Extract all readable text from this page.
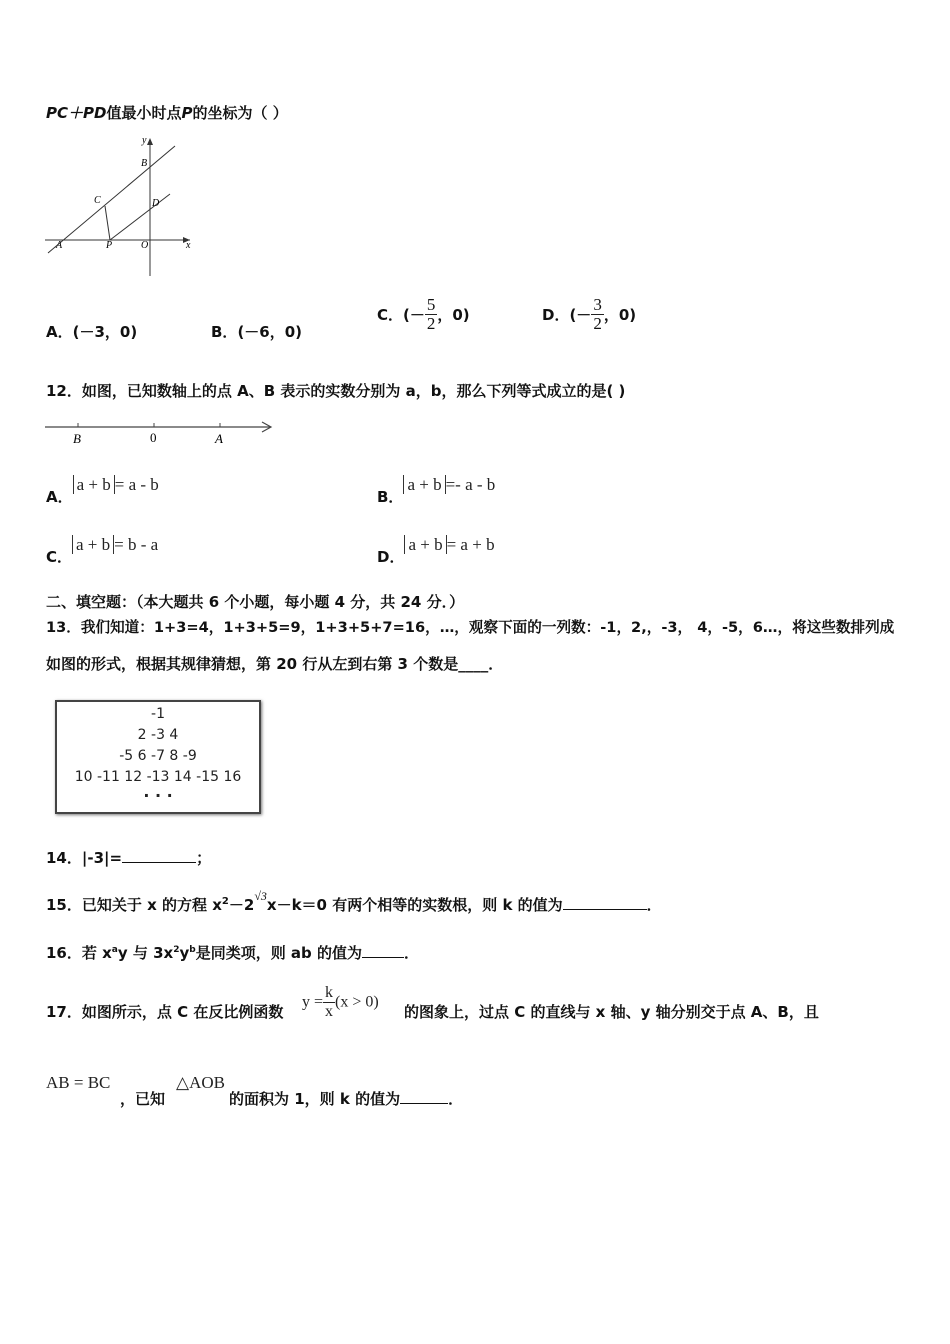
PC＋PD值最小时点P的坐标为（ ）
y
x
B
C	D
A	P	O
A．(－3，0)	B．(－6，0)
C．(－ $\frac{5}{2}$ ，0)	D．(－ $\frac{3}{2}$ ，0)
12．如图，已知数轴上的点 A、B 表示的实数分别为 a，b，那么下列等式成立的是( )
B	0	A
A．a + b = a - b
B．a + b =- a - b
C．a + b = b - a
D．a + b = a + b
二、填空题：（本大题共 6 个小题，每小题 4 分，共 24 分．）
13．我们知道：1+3=4，1+3+5=9，1+3+5+7=16，…，观察下面的一列数：-1，2,，-3， 4，-5，6…，将这些数排列成
如图的形式，根据其规律猜想，第 20 行从左到右第 3 个数是____．
-1
2 -3 4
-5 6 -7 8 -9
10 -11 12 -13 14 -15 16
· · ·
14．|-3|=	；
15．已知关于 x 的方程 $x^2-2^{√3}x-k=0$ 有两个相等的实数根，则 k 的值为	．
16．若 $x^ay$ 与 $3x^2y^b$是同类项，则 ab 的值为	．
17．如图所示，点 C 在反比例函数
$y = \frac{k}{x} (x > 0)$
的图象上，过点 C 的直线与 x 轴、y 轴分别交于点 A、B，且
AB = BC
，已知
△AOB
的面积为 1，则 k 的值为	．
